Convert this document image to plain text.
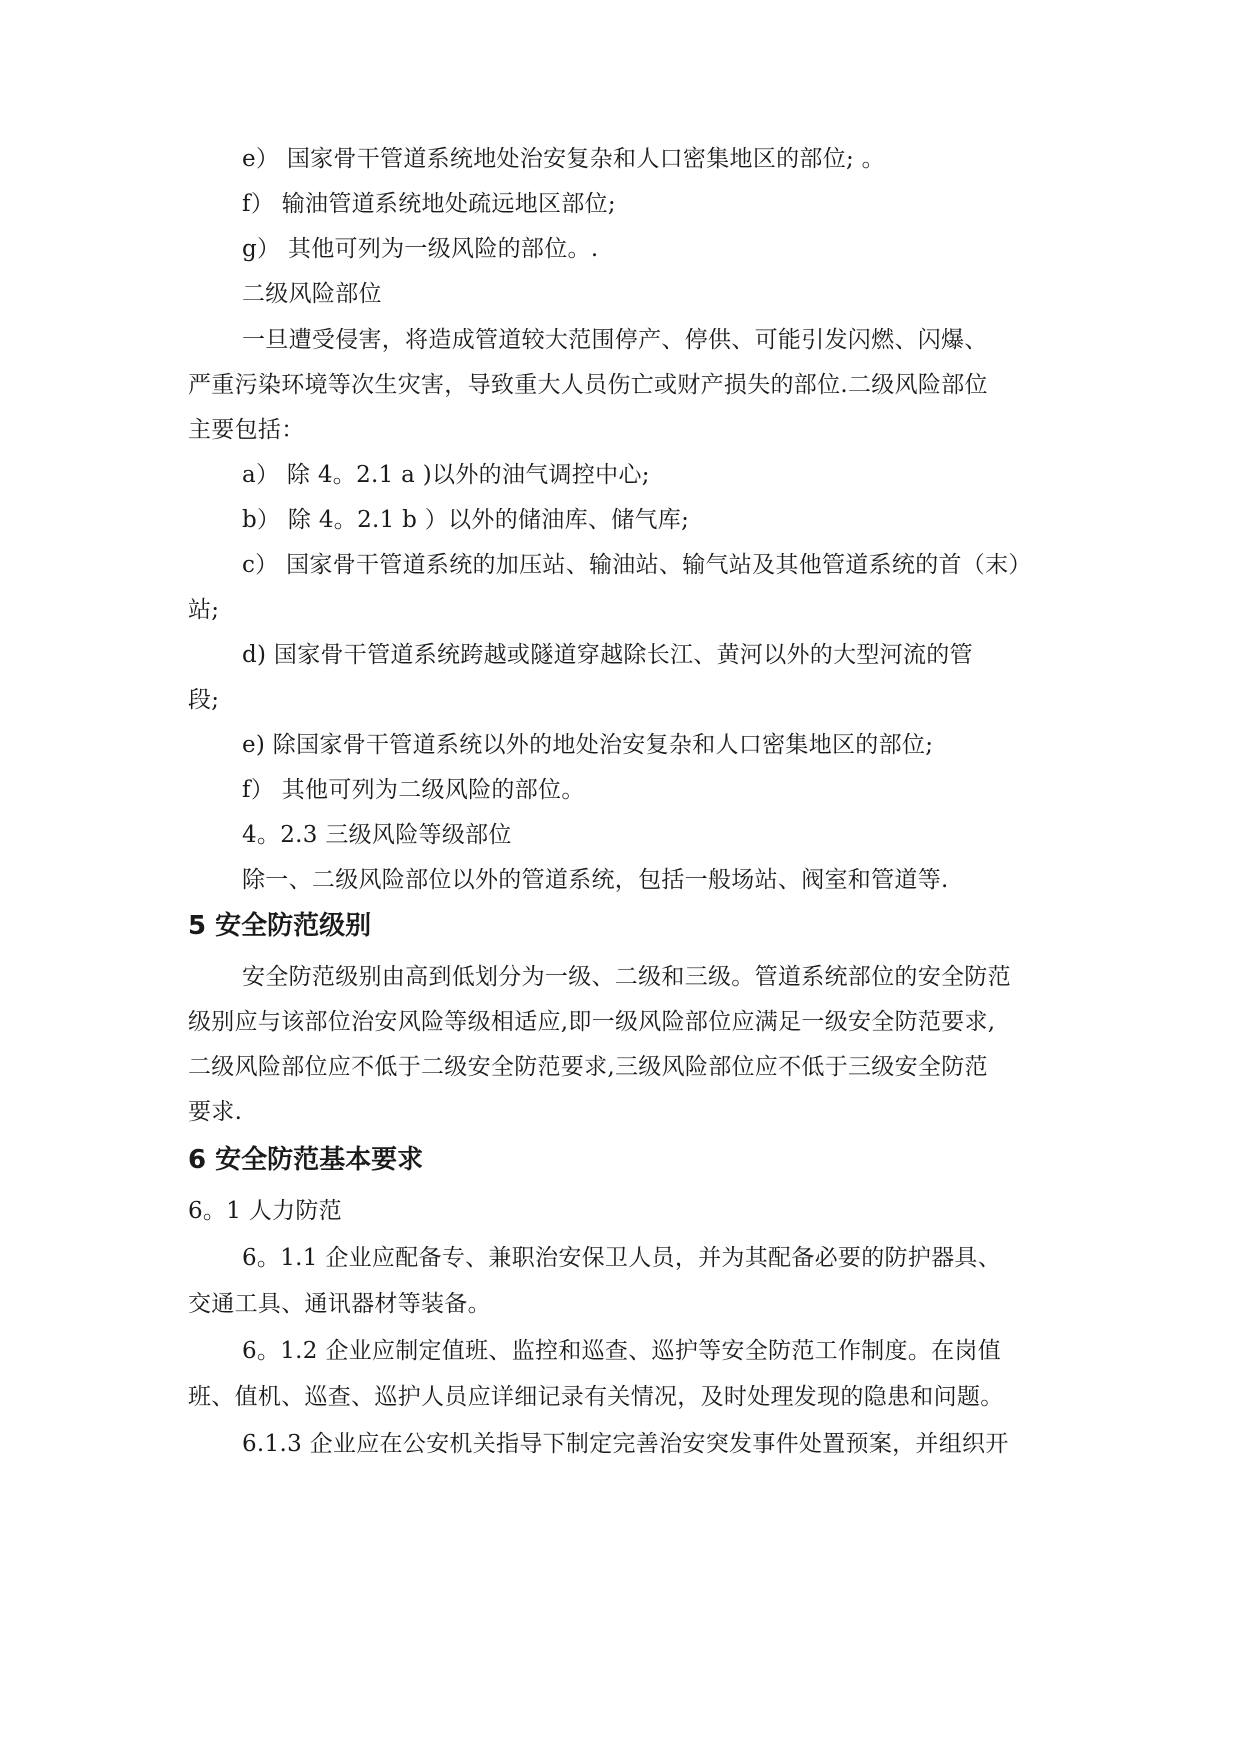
e） 国家骨干管道系统地处治安复杂和人口密集地区的部位; 。
f） 输油管道系统地处疏远地区部位;
g） 其他可列为一级风险的部位。.
二级风险部位
一旦遭受侵害，将造成管道较大范围停产、停供、可能引发闪燃、闪爆、
严重污染环境等次生灾害，导致重大人员伤亡或财产损失的部位.二级风险部位
主要包括：
a） 除 4。2.1 a )以外的油气调控中心;
b） 除 4。2.1 b ）以外的储油库、储气库;
c） 国家骨干管道系统的加压站、输油站、输气站及其他管道系统的首（末）
站;
d) 国家骨干管道系统跨越或隧道穿越除长江、黄河以外的大型河流的管
段;
e) 除国家骨干管道系统以外的地处治安复杂和人口密集地区的部位;
f） 其他可列为二级风险的部位。
4。2.3 三级风险等级部位
除一、二级风险部位以外的管道系统，包括一般场站、阀室和管道等.
5 安全防范级别
安全防范级别由高到低划分为一级、二级和三级。管道系统部位的安全防范
级别应与该部位治安风险等级相适应,即一级风险部位应满足一级安全防范要求,
二级风险部位应不低于二级安全防范要求,三级风险部位应不低于三级安全防范
要求.
6 安全防范基本要求
6。1 人力防范
6。1.1 企业应配备专、兼职治安保卫人员，并为其配备必要的防护器具、
交通工具、通讯器材等装备。
6。1.2 企业应制定值班、监控和巡查、巡护等安全防范工作制度。在岗值
班、值机、巡查、巡护人员应详细记录有关情况，及时处理发现的隐患和问题。
6.1.3 企业应在公安机关指导下制定完善治安突发事件处置预案，并组织开
